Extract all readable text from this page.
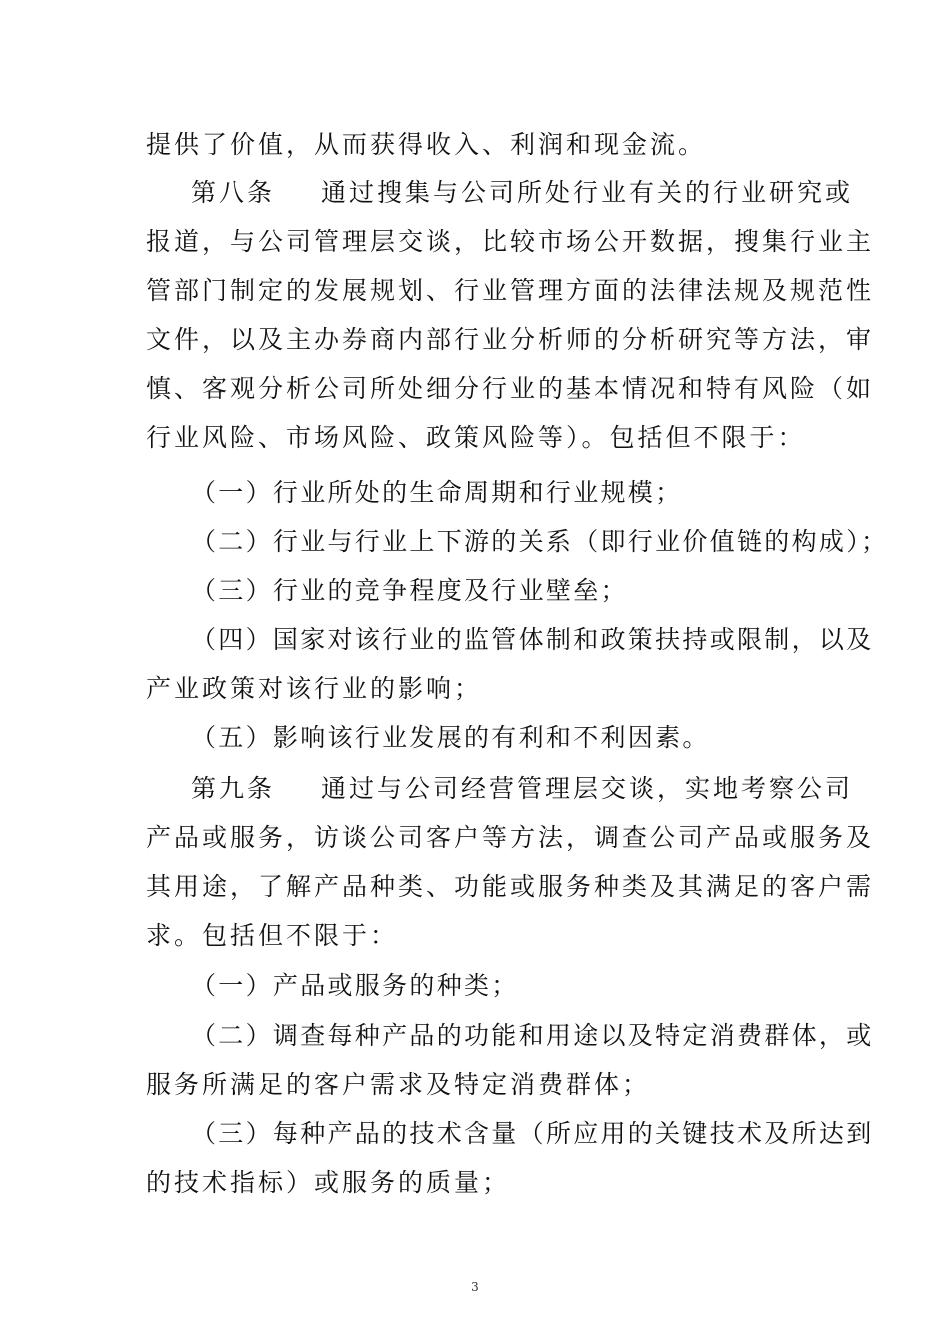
提供了价值，从而获得收入、利润和现金流。
第八条 通过搜集与公司所处行业有关的行业研究或
报道，与公司管理层交谈，比较市场公开数据，搜集行业主
管部门制定的发展规划、行业管理方面的法律法规及规范性
文件，以及主办券商内部行业分析师的分析研究等方法，审
慎、客观分析公司所处细分行业的基本情况和特有风险（如
行业风险、市场风险、政策风险等）。包括但不限于：
（一）行业所处的生命周期和行业规模；
（二）行业与行业上下游的关系（即行业价值链的构成）；
（三）行业的竞争程度及行业壁垒；
（四）国家对该行业的监管体制和政策扶持或限制，以及
产业政策对该行业的影响；
（五）影响该行业发展的有利和不利因素。
第九条 通过与公司经营管理层交谈，实地考察公司
产品或服务，访谈公司客户等方法，调查公司产品或服务及
其用途，了解产品种类、功能或服务种类及其满足的客户需
求。包括但不限于：
（一）产品或服务的种类；
（二）调查每种产品的功能和用途以及特定消费群体，或
服务所满足的客户需求及特定消费群体；
（三）每种产品的技术含量（所应用的关键技术及所达到
的技术指标）或服务的质量；
3
